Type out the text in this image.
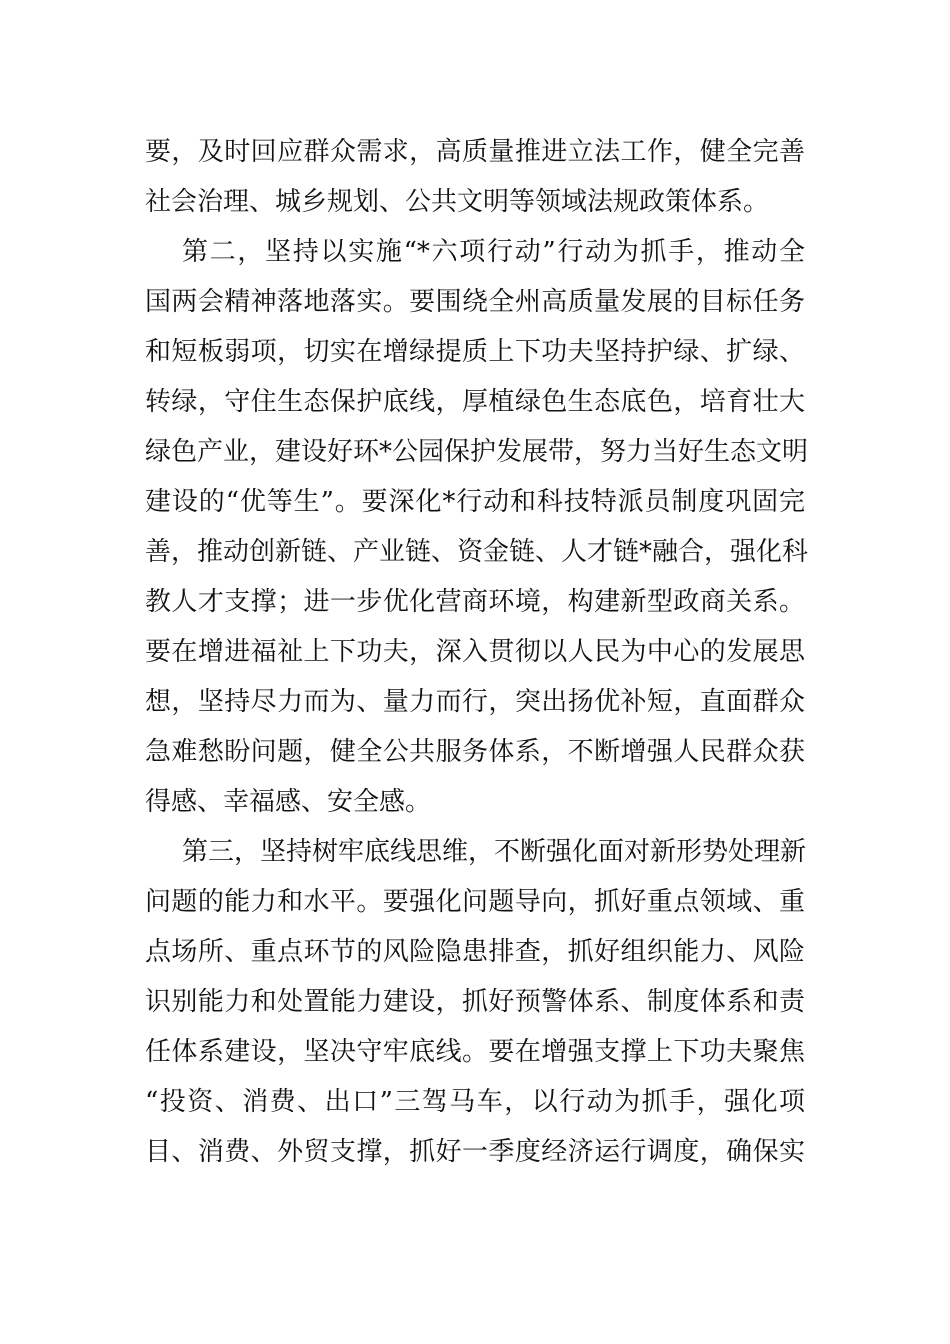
要，及时回应群众需求，高质量推进立法工作，健全完善
社会治理、城乡规划、公共文明等领域法规政策体系。
第二，坚持以实施“*六项行动”行动为抓手，推动全
国两会精神落地落实。要围绕全州高质量发展的目标任务
和短板弱项，切实在增绿提质上下功夫坚持护绿、扩绿、
转绿，守住生态保护底线，厚植绿色生态底色，培育壮大
绿色产业，建设好环*公园保护发展带，努力当好生态文明
建设的“优等生”。要深化*行动和科技特派员制度巩固完
善，推动创新链、产业链、资金链、人才链*融合，强化科
教人才支撑；进一步优化营商环境，构建新型政商关系。
要在增进福祉上下功夫，深入贯彻以人民为中心的发展思
想，坚持尽力而为、量力而行，突出扬优补短，直面群众
急难愁盼问题，健全公共服务体系，不断增强人民群众获
得感、幸福感、安全感。
第三，坚持树牢底线思维，不断强化面对新形势处理新
问题的能力和水平。要强化问题导向，抓好重点领域、重
点场所、重点环节的风险隐患排查，抓好组织能力、风险
识别能力和处置能力建设，抓好预警体系、制度体系和责
任体系建设，坚决守牢底线。要在增强支撑上下功夫聚焦
“投资、消费、出口”三驾马车，以行动为抓手，强化项
目、消费、外贸支撑，抓好一季度经济运行调度，确保实
